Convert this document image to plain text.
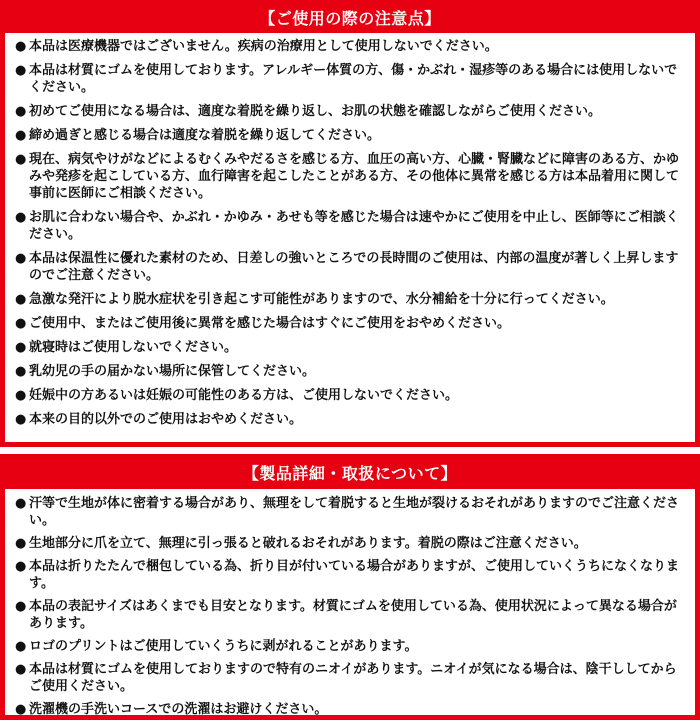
【ご使用の際の注意点】
● 本品は医療機器ではございません。疾病の治療用として使用しないでください。
● 本品は材質にゴムを使用しております。アレルギー体質の方、傷・かぶれ・湿疹等のある場合には使用しないでください。
● 初めてご使用になる場合は、適度な着脱を繰り返し、お肌の状態を確認しながらご使用ください。
● 締め過ぎと感じる場合は適度な着脱を繰り返してください。
● 現在、病気やけがなどによるむくみやだるさを感じる方、血圧の高い方、心臓・腎臓などに障害のある方、かゆみや発疹を起こしている方、血行障害を起こしたことがある方、その他体に異常を感じる方は本品着用に関して事前に医師にご相談ください。
● お肌に合わない場合や、かぶれ・かゆみ・あせも等を感じた場合は速やかにご使用を中止し、医師等にご相談ください。
● 本品は保温性に優れた素材のため、日差しの強いところでの長時間のご使用は、内部の温度が著しく上昇しますのでご注意ください。
● 急激な発汗により脱水症状を引き起こす可能性がありますので、水分補給を十分に行ってください。
● ご使用中、またはご使用後に異常を感じた場合はすぐにご使用をおやめください。
● 就寝時はご使用しないでください。
● 乳幼児の手の届かない場所に保管してください。
● 妊娠中の方あるいは妊娠の可能性のある方は、ご使用しないでください。
● 本来の目的以外でのご使用はおやめください。
【製品詳細・取扱について】
● 汗等で生地が体に密着する場合があり、無理をして着脱すると生地が裂けるおそれがありますのでご注意ください。
● 生地部分に爪を立て、無理に引っ張ると破れるおそれがあります。着脱の際はご注意ください。
● 本品は折りたたんで梱包している為、折り目が付いている場合がありますが、ご使用していくうちになくなります。
● 本品の表記サイズはあくまでも目安となります。材質にゴムを使用している為、使用状況によって異なる場合があります。
● ロゴのプリントはご使用していくうちに剥がれることがあります。
● 本品は材質にゴムを使用しておりますので特有のニオイがあります。ニオイが気になる場合は、陰干ししてからご使用ください。
● 洗濯機の手洗いコースでの洗濯はお避けください。
